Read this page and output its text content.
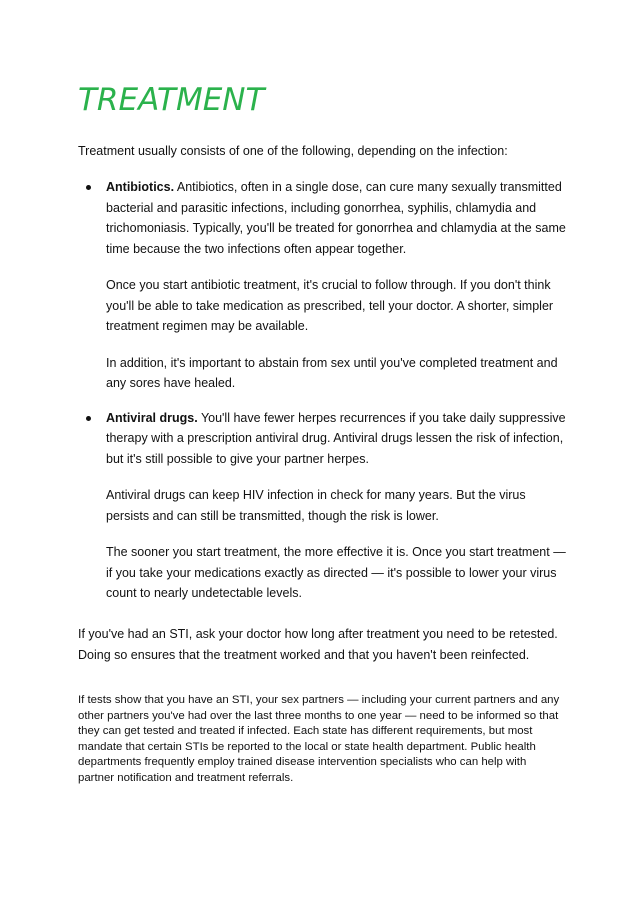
TREATMENT

Treatment usually consists of one of the following, depending on the infection:

Antibiotics. Antibiotics, often in a single dose, can cure many sexually transmitted bacterial and parasitic infections, including gonorrhea, syphilis, chlamydia and trichomoniasis. Typically, you'll be treated for gonorrhea and chlamydia at the same time because the two infections often appear together.

Once you start antibiotic treatment, it's crucial to follow through. If you don't think you'll be able to take medication as prescribed, tell your doctor. A shorter, simpler treatment regimen may be available.

In addition, it's important to abstain from sex until you've completed treatment and any sores have healed.

Antiviral drugs. You'll have fewer herpes recurrences if you take daily suppressive therapy with a prescription antiviral drug. Antiviral drugs lessen the risk of infection, but it's still possible to give your partner herpes.

Antiviral drugs can keep HIV infection in check for many years. But the virus persists and can still be transmitted, though the risk is lower.

The sooner you start treatment, the more effective it is. Once you start treatment — if you take your medications exactly as directed — it's possible to lower your virus count to nearly undetectable levels.

If you've had an STI, ask your doctor how long after treatment you need to be retested. Doing so ensures that the treatment worked and that you haven't been reinfected.

If tests show that you have an STI, your sex partners — including your current partners and any other partners you've had over the last three months to one year — need to be informed so that they can get tested and treated if infected. Each state has different requirements, but most mandate that certain STIs be reported to the local or state health department. Public health departments frequently employ trained disease intervention specialists who can help with partner notification and treatment referrals.
